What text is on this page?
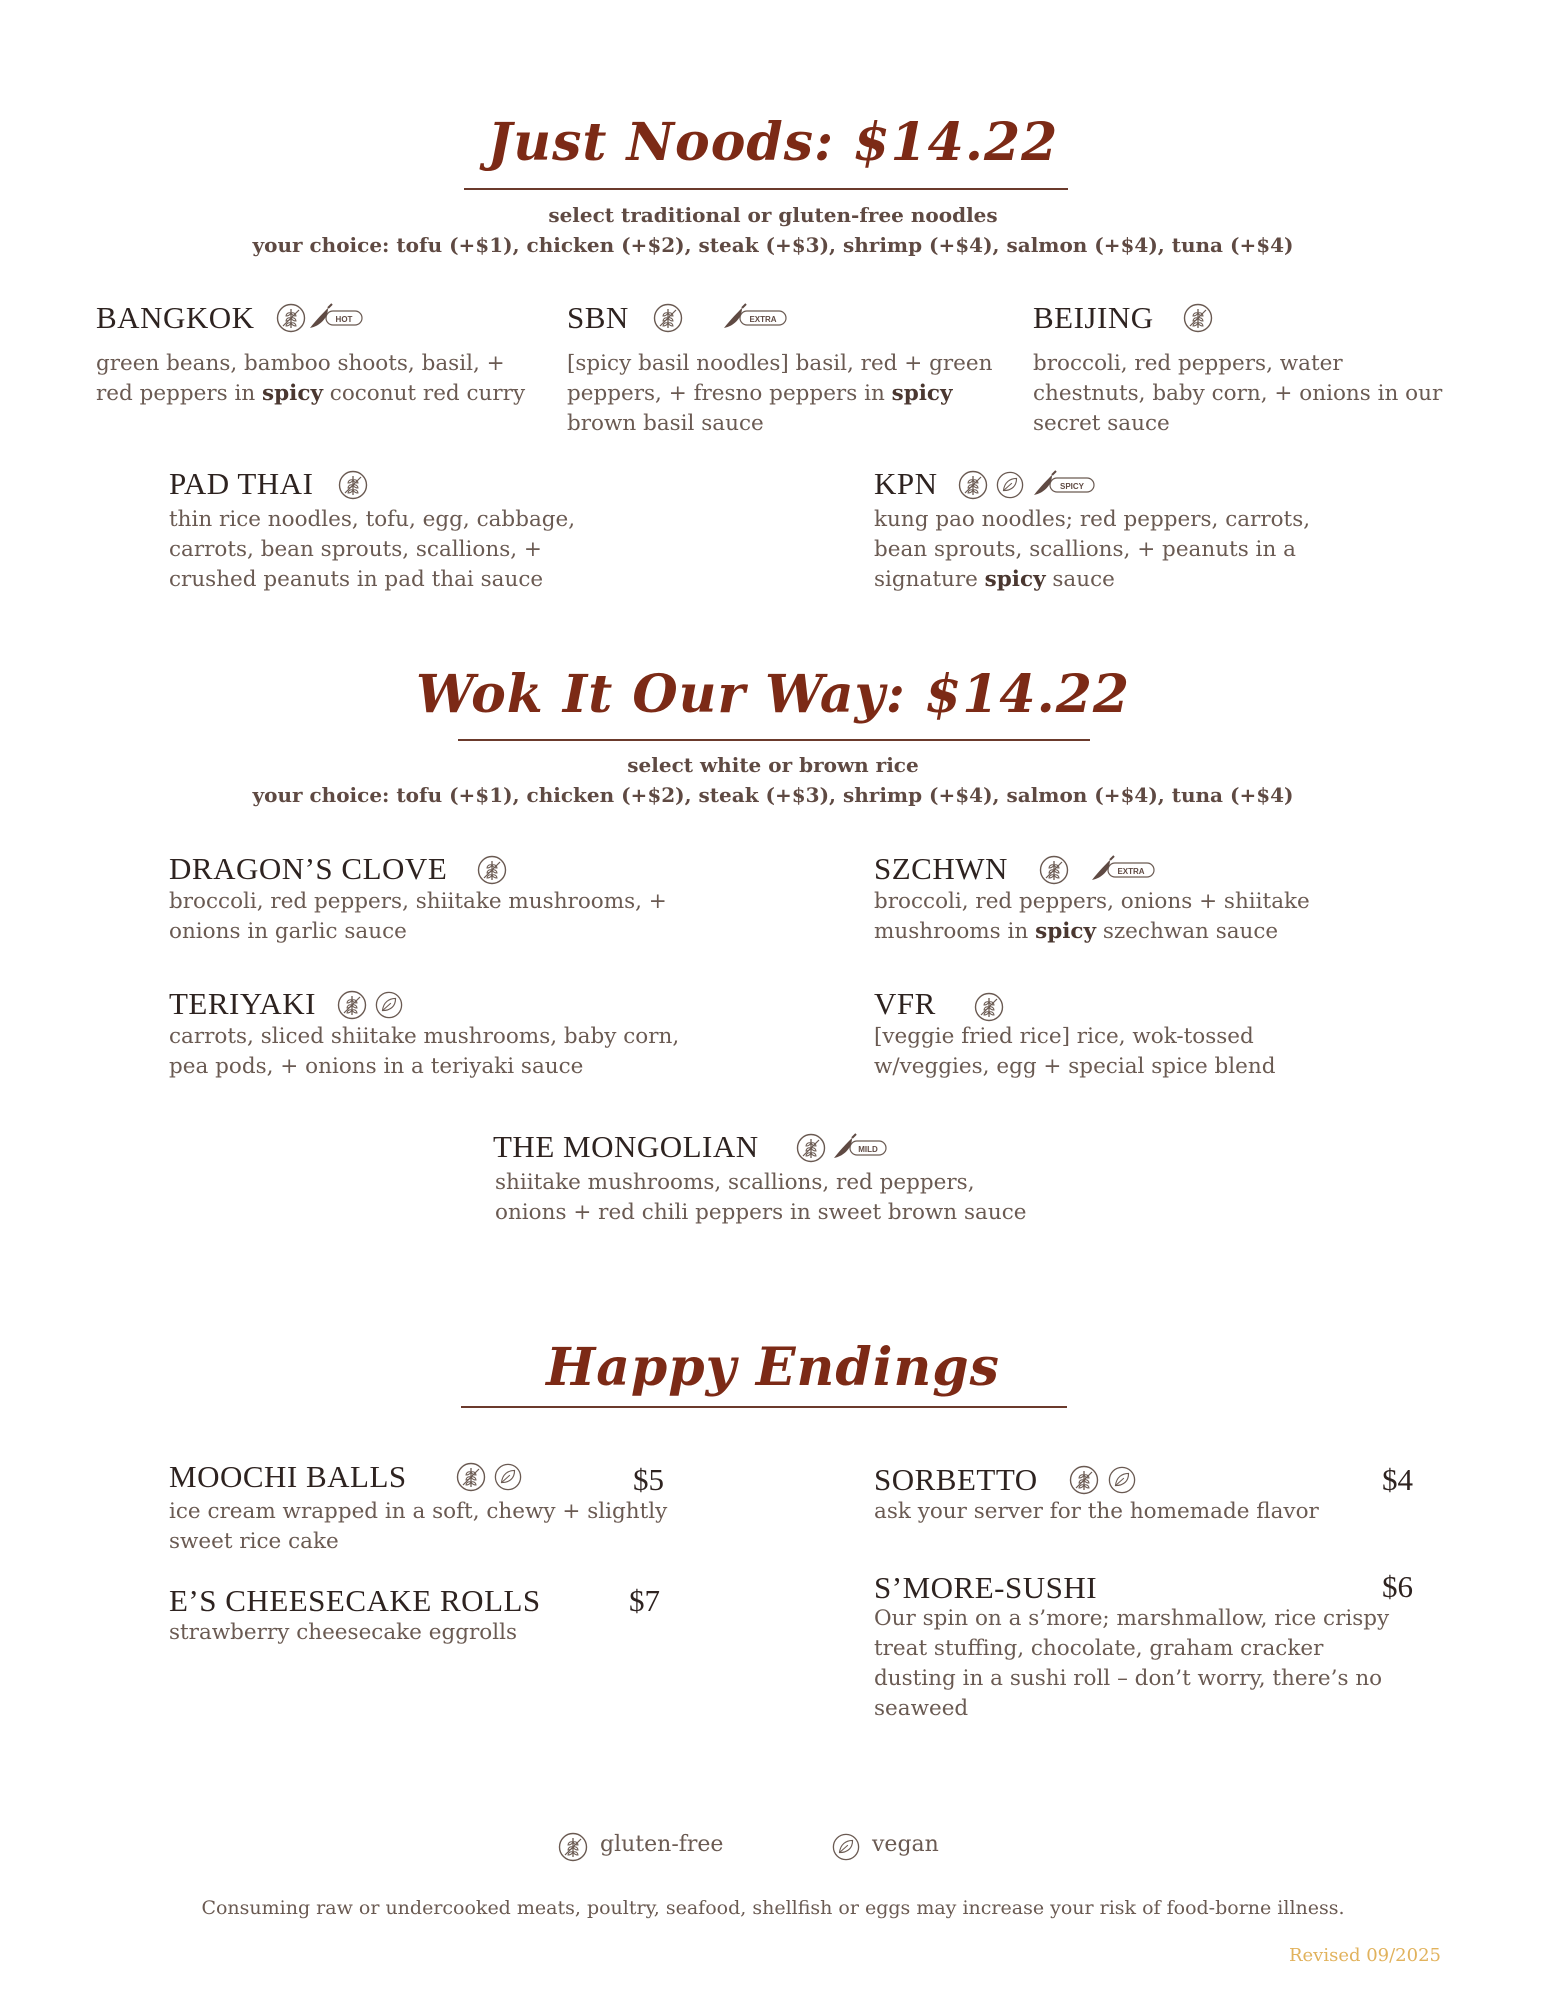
Just Noods: $14.22
select traditional or gluten-free noodles
your choice: tofu (+$1), chicken (+$2), steak (+$3), shrimp (+$4), salmon (+$4), tuna (+$4)
BANGKOK	HOT
green beans, bamboo shoots, basil, +
red peppers in spicy coconut red curry
SBN	EXTRA
[spicy basil noodles] basil, red + green
peppers, + fresno peppers in spicy
brown basil sauce
BEIJING
broccoli, red peppers, water
chestnuts, baby corn, + onions in our
secret sauce
PAD THAI
thin rice noodles, tofu, egg, cabbage,
carrots, bean sprouts, scallions, +
crushed peanuts in pad thai sauce
KPN	SPICY
kung pao noodles; red peppers, carrots,
bean sprouts, scallions, + peanuts in a
signature spicy sauce
Wok It Our Way: $14.22
select white or brown rice
your choice: tofu (+$1), chicken (+$2), steak (+$3), shrimp (+$4), salmon (+$4), tuna (+$4)
DRAGON’S CLOVE
broccoli, red peppers, shiitake mushrooms, +
onions in garlic sauce
SZCHWN	EXTRA
broccoli, red peppers, onions + shiitake
mushrooms in spicy szechwan sauce
TERIYAKI
carrots, sliced shiitake mushrooms, baby corn,
pea pods, + onions in a teriyaki sauce
VFR
[veggie fried rice] rice, wok-tossed
w/veggies, egg + special spice blend
THE MONGOLIAN	MILD
shiitake mushrooms, scallions, red peppers,
onions + red chili peppers in sweet brown sauce
Happy Endings
MOOCHI BALLS	$5
ice cream wrapped in a soft, chewy + slightly
sweet rice cake
SORBETTO	$4
ask your server for the homemade flavor
E’S CHEESECAKE ROLLS	$7
strawberry cheesecake eggrolls
S’MORE-SUSHI	$6
Our spin on a s’more; marshmallow, rice crispy
treat stuffing, chocolate, graham cracker
dusting in a sushi roll – don’t worry, there’s no
seaweed
gluten-free	vegan
Consuming raw or undercooked meats, poultry, seafood, shellfish or eggs may increase your risk of food-borne illness.
Revised 09/2025
